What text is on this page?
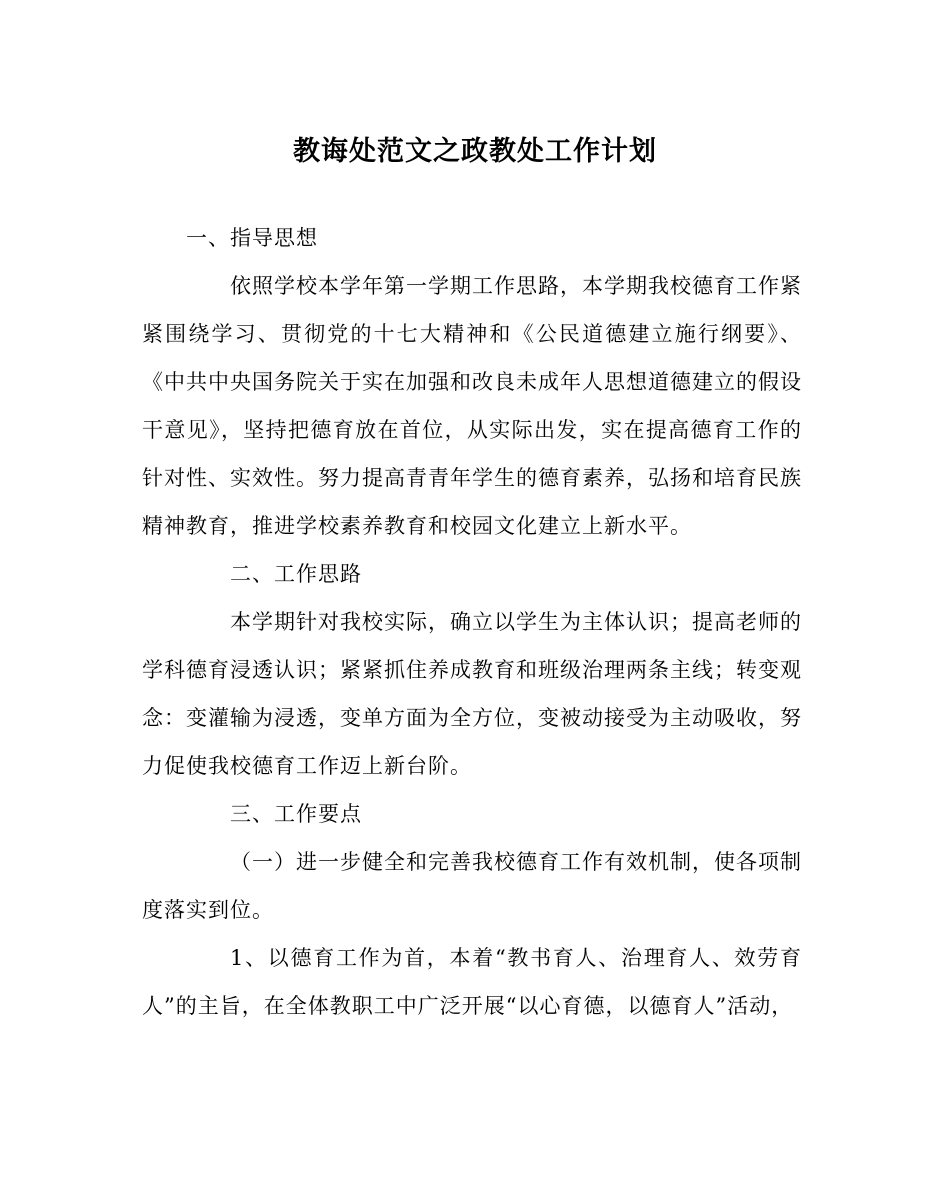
教诲处范文之政教处工作计划

一、指导思想

依照学校本学年第一学期工作思路，本学期我校德育工作紧紧围绕学习、贯彻党的十七大精神和《公民道德建立施行纲要》、《中共中央国务院关于实在加强和改良未成年人思想道德建立的假设干意见》，坚持把德育放在首位，从实际出发，实在提高德育工作的针对性、实效性。努力提高青青年学生的德育素养，弘扬和培育民族精神教育，推进学校素养教育和校园文化建立上新水平。

二、工作思路

本学期针对我校实际，确立以学生为主体认识；提高老师的学科德育浸透认识；紧紧抓住养成教育和班级治理两条主线；转变观念：变灌输为浸透，变单方面为全方位，变被动接受为主动吸收，努力促使我校德育工作迈上新台阶。

三、工作要点

（一）进一步健全和完善我校德育工作有效机制，使各项制度落实到位。

1、以德育工作为首，本着“教书育人、治理育人、效劳育人”的主旨，在全体教职工中广泛开展“以心育德，以德育人”活动，
